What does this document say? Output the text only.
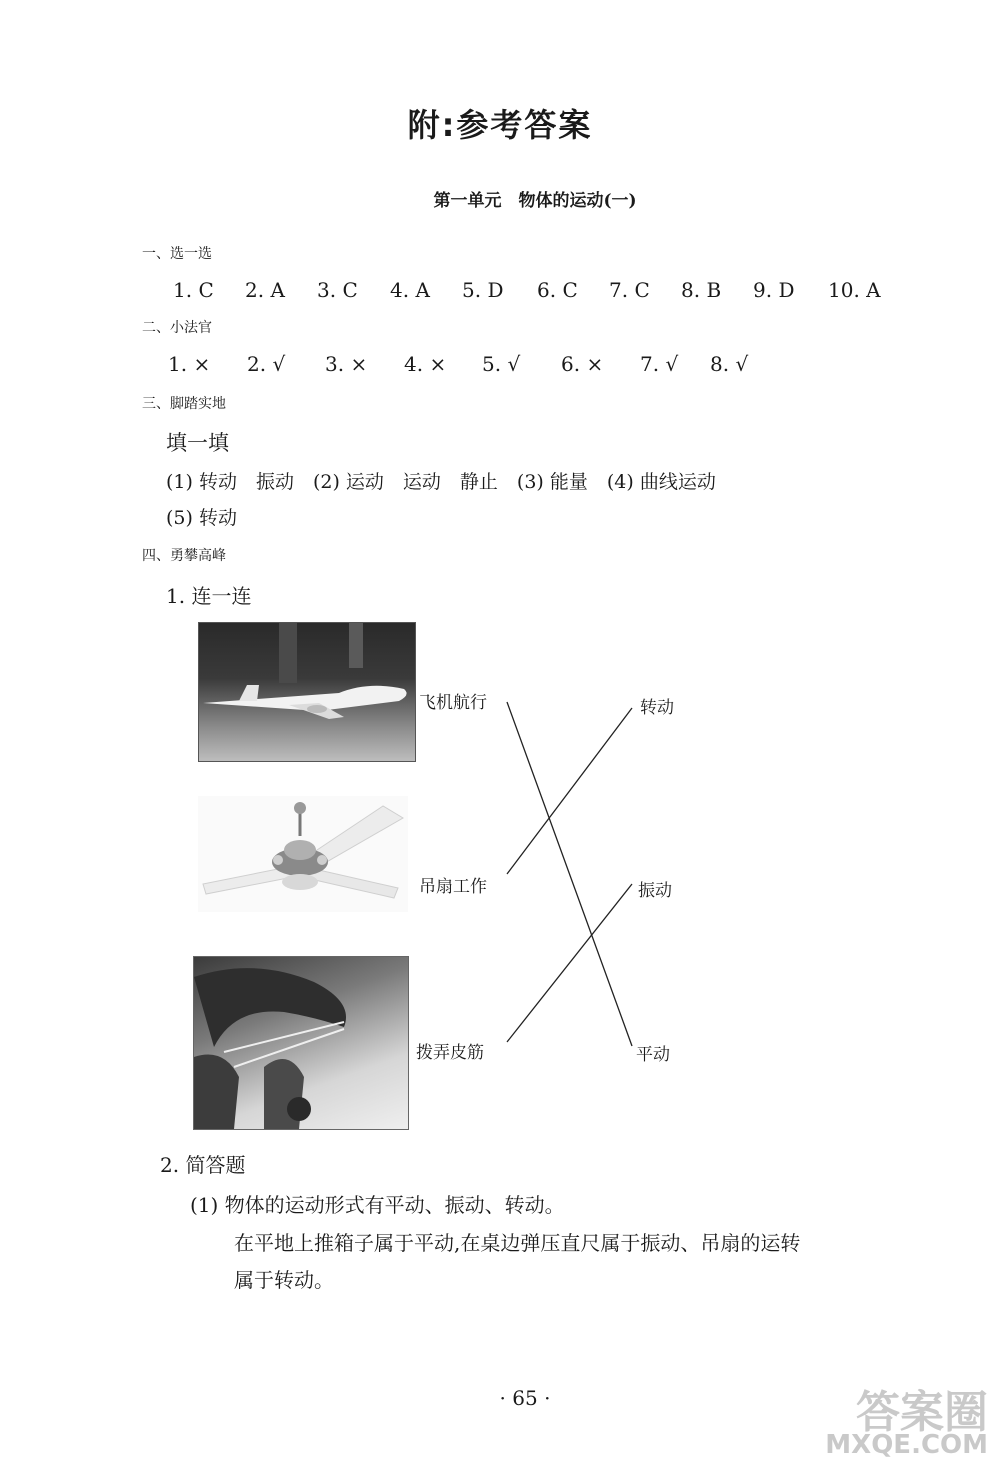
附:参考答案
第一单元　物体的运动(一)
一、选一选
1. C 2. A 3. C 4. A 5. D 6. C 7. C 8. B 9. D 10. A
二、小法官
1. × 2. √ 3. × 4. × 5. √ 6. × 7. √ 8. √
三、脚踏实地
填一填
(1) 转动　振动　(2) 运动　运动　静止　(3) 能量　(4) 曲线运动
(5) 转动
四、勇攀高峰
1. 连一连
飞机航行
吊扇工作
拨弄皮筋
转动
振动
平动
2. 简答题
(1) 物体的运动形式有平动、振动、转动。
在平地上推箱子属于平动,在桌边弹压直尺属于振动、吊扇的运转
属于转动。
· 65 ·	答案圈
MXQE.COM
